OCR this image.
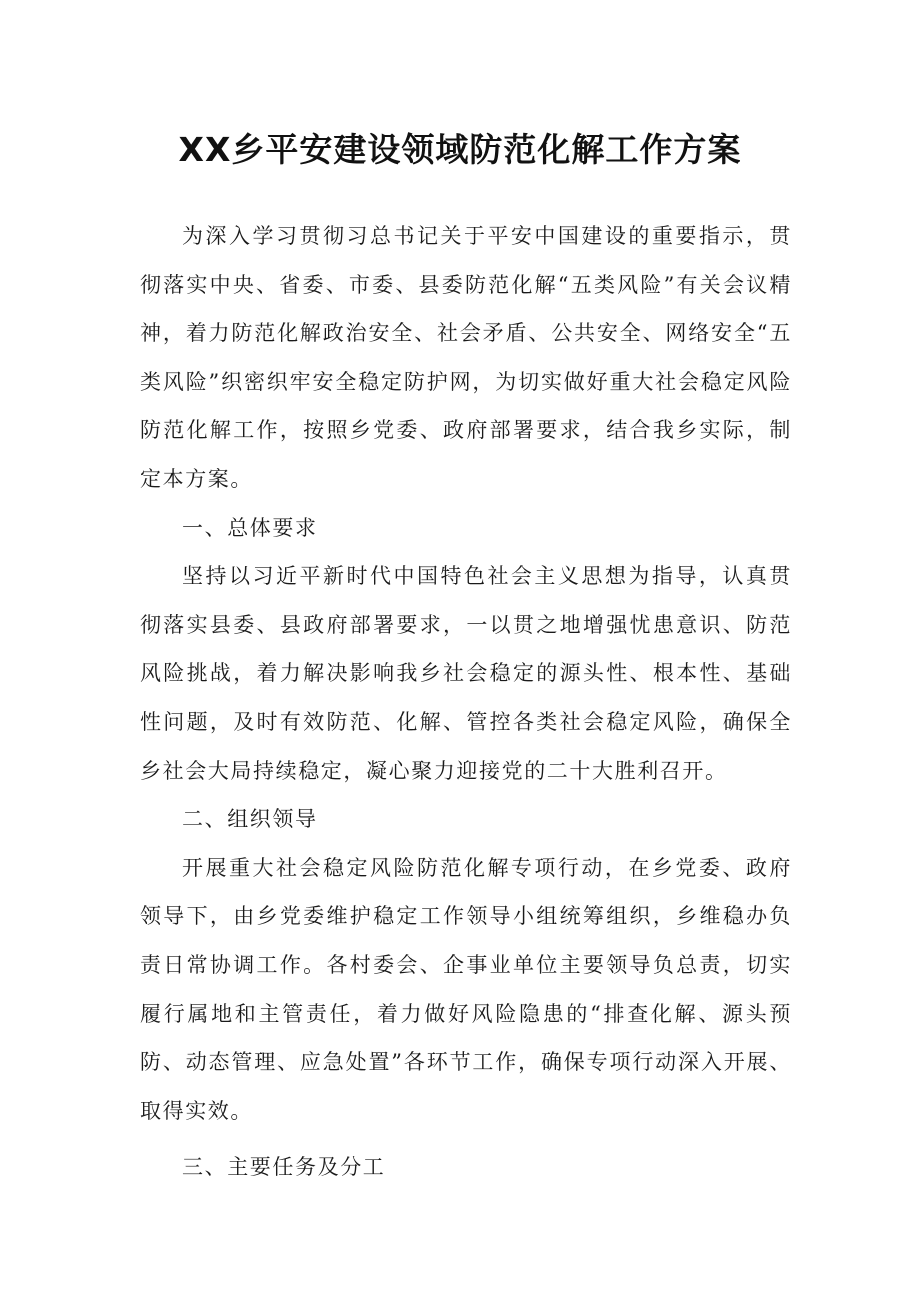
XX乡平安建设领域防范化解工作方案

为深入学习贯彻习总书记关于平安中国建设的重要指示，贯彻落实中央、省委、市委、县委防范化解“五类风险”有关会议精神，着力防范化解政治安全、社会矛盾、公共安全、网络安全“五类风险”织密织牢安全稳定防护网，为切实做好重大社会稳定风险防范化解工作，按照乡党委、政府部署要求，结合我乡实际，制定本方案。

一、总体要求

坚持以习近平新时代中国特色社会主义思想为指导，认真贯彻落实县委、县政府部署要求，一以贯之地增强忧患意识、防范风险挑战，着力解决影响我乡社会稳定的源头性、根本性、基础性问题，及时有效防范、化解、管控各类社会稳定风险，确保全乡社会大局持续稳定，凝心聚力迎接党的二十大胜利召开。

二、组织领导

开展重大社会稳定风险防范化解专项行动，在乡党委、政府领导下，由乡党委维护稳定工作领导小组统筹组织，乡维稳办负责日常协调工作。各村委会、企事业单位主要领导负总责，切实履行属地和主管责任，着力做好风险隐患的“排查化解、源头预防、动态管理、应急处置”各环节工作，确保专项行动深入开展、取得实效。

三、主要任务及分工
